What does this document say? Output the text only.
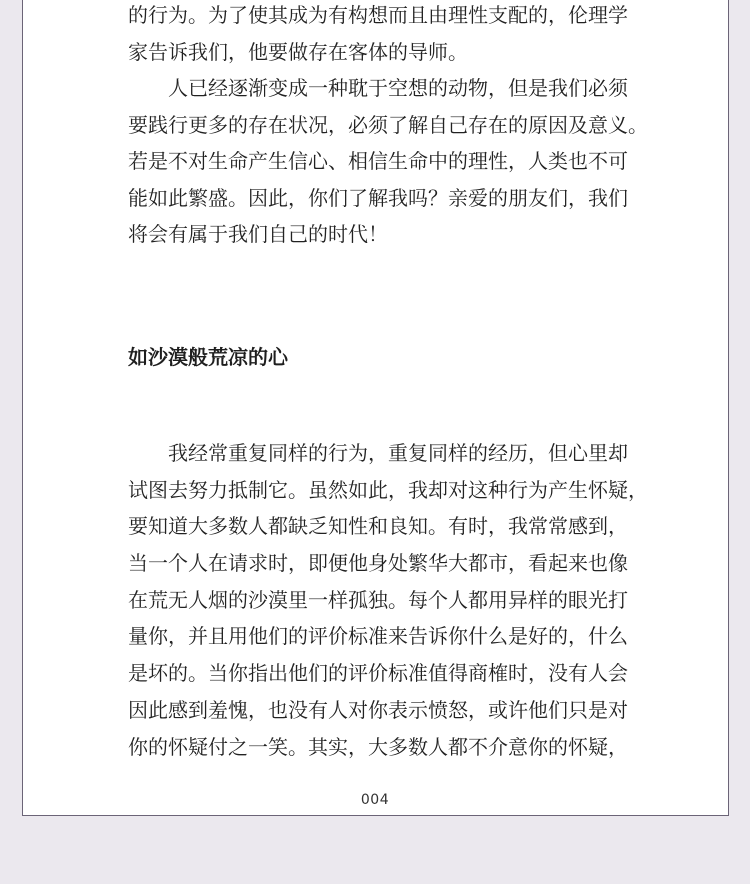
的行为。为了使其成为有构想而且由理性支配的，伦理学
家告诉我们，他要做存在客体的导师。
人已经逐渐变成一种耽于空想的动物，但是我们必须
要践行更多的存在状况，必须了解自己存在的原因及意义。
若是不对生命产生信心、相信生命中的理性，人类也不可
能如此繁盛。因此，你们了解我吗？亲爱的朋友们，我们
将会有属于我们自己的时代！
如沙漠般荒凉的心
我经常重复同样的行为，重复同样的经历，但心里却
试图去努力抵制它。虽然如此，我却对这种行为产生怀疑，
要知道大多数人都缺乏知性和良知。有时，我常常感到，
当一个人在请求时，即便他身处繁华大都市，看起来也像
在荒无人烟的沙漠里一样孤独。每个人都用异样的眼光打
量你，并且用他们的评价标准来告诉你什么是好的，什么
是坏的。当你指出他们的评价标准值得商榷时，没有人会
因此感到羞愧，也没有人对你表示愤怒，或许他们只是对
你的怀疑付之一笑。其实，大多数人都不介意你的怀疑，
004
